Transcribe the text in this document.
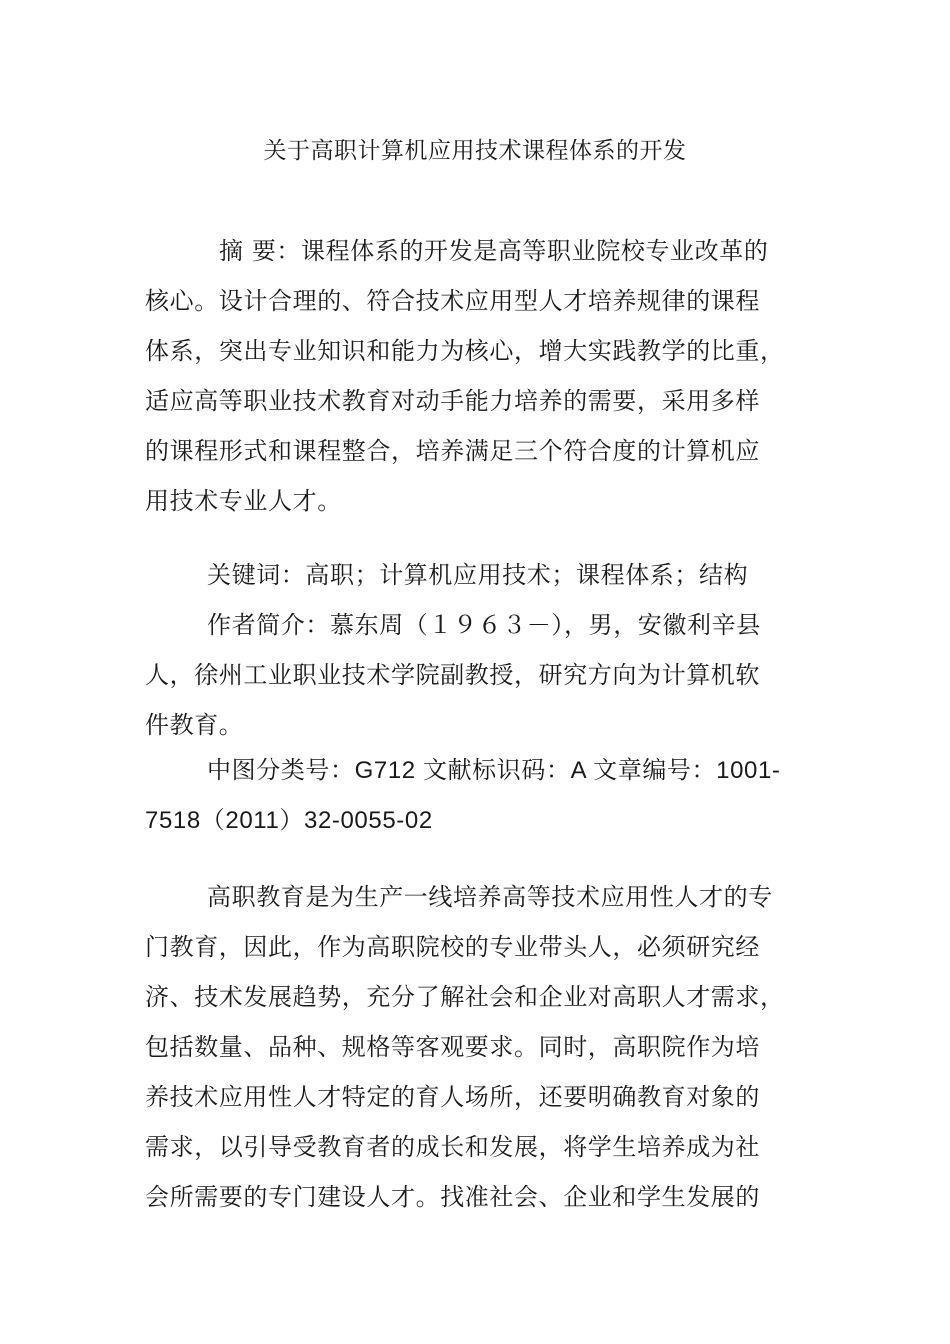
关于高职计算机应用技术课程体系的开发
摘 要：课程体系的开发是高等职业院校专业改革的
核心。设计合理的、符合技术应用型人才培养规律的课程
体系，突出专业知识和能力为核心，增大实践教学的比重，
适应高等职业技术教育对动手能力培养的需要，采用多样
的课程形式和课程整合，培养满足三个符合度的计算机应
用技术专业人才。
关键词：高职；计算机应用技术；课程体系；结构
作者简介：慕东周（１９６３－），男，安徽利辛县
人，徐州工业职业技术学院副教授，研究方向为计算机软
件教育。
中图分类号：G712 文献标识码：A 文章编号：1001-
7518（2011）32-0055-02
高职教育是为生产一线培养高等技术应用性人才的专
门教育，因此，作为高职院校的专业带头人，必须研究经
济、技术发展趋势，充分了解社会和企业对高职人才需求，
包括数量、品种、规格等客观要求。同时，高职院作为培
养技术应用性人才特定的育人场所，还要明确教育对象的
需求，以引导受教育者的成长和发展，将学生培养成为社
会所需要的专门建设人才。找准社会、企业和学生发展的
